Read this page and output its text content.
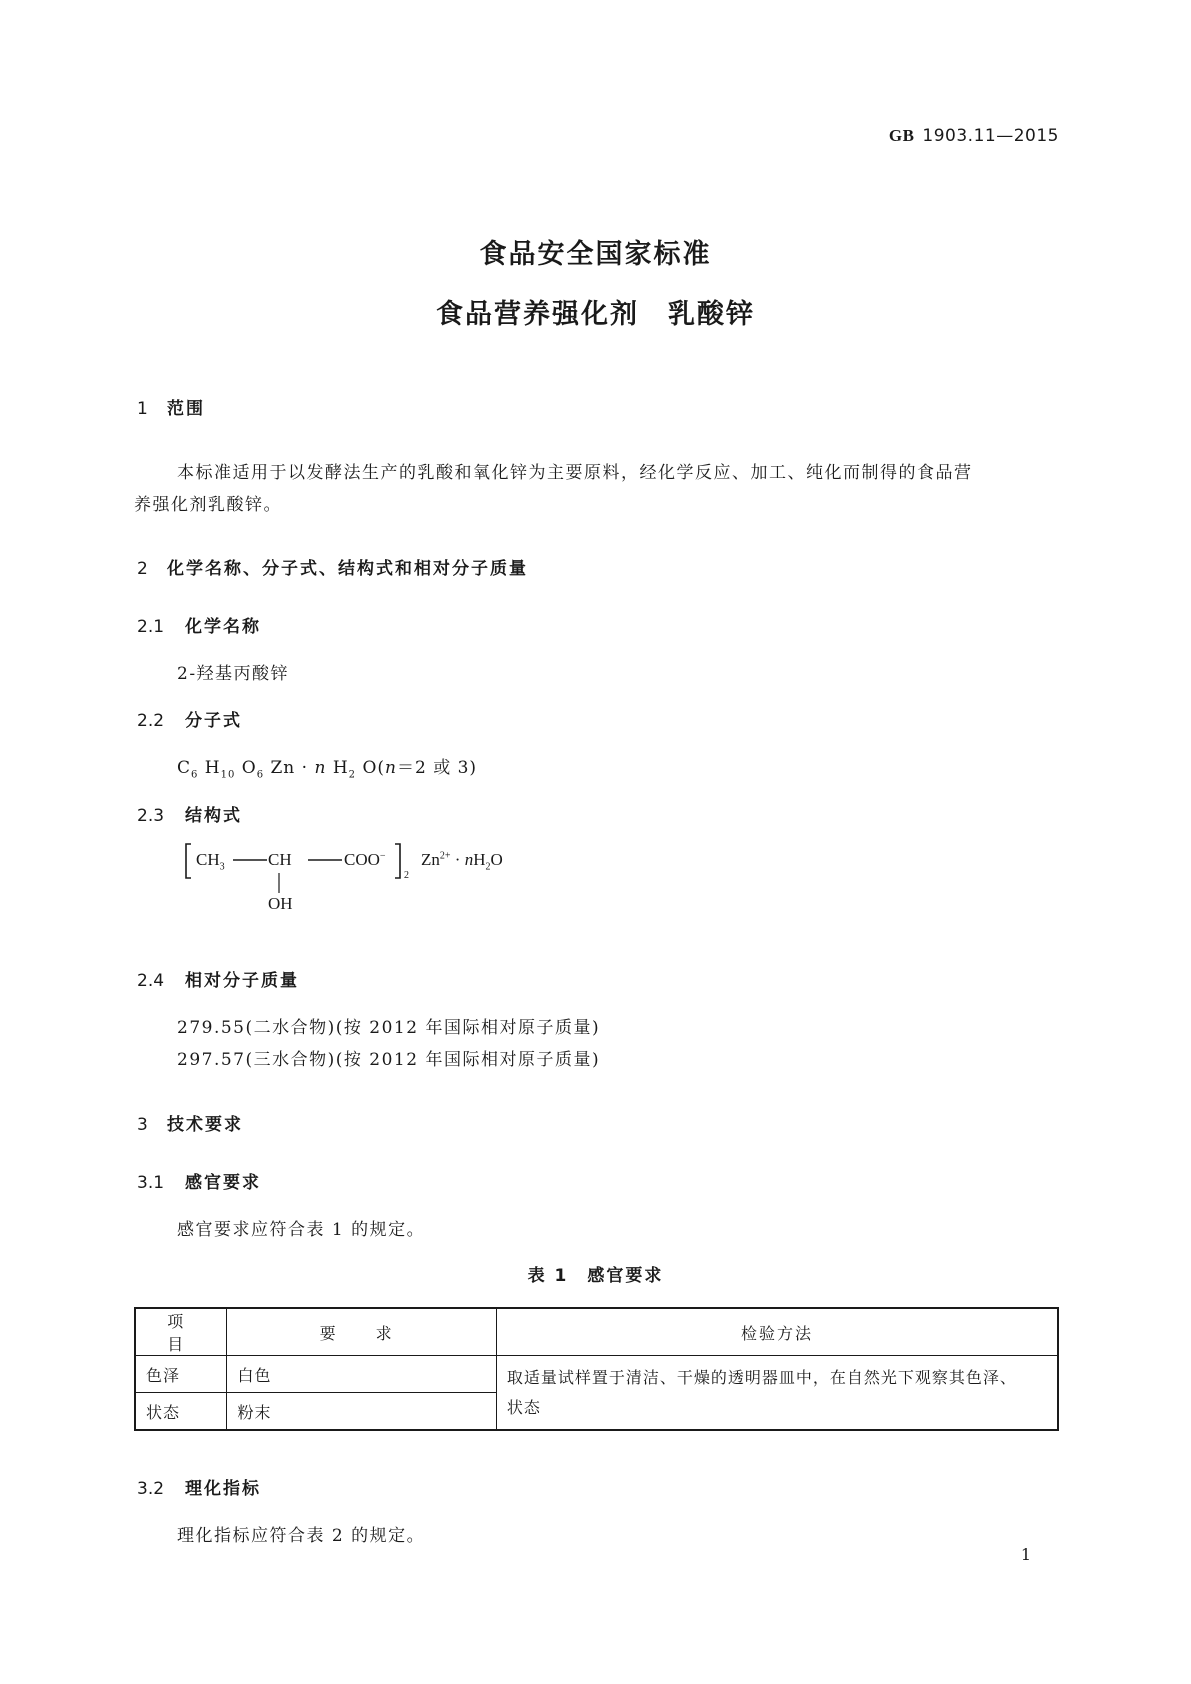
GB 1903.11—2015
食品安全国家标准
食品营养强化剂　乳酸锌
1 范围
本标准适用于以发酵法生产的乳酸和氧化锌为主要原料，经化学反应、加工、纯化而制得的食品营
养强化剂乳酸锌。
2 化学名称、分子式、结构式和相对分子质量
2.1 化学名称
2-羟基丙酸锌
2.2 分子式
$C_6$ $H_{10}$ $O_6$ Zn · n $H_2$ O(n＝2 或 3)
2.3 结构式
$CH_3$	CH	COO−
2
$Zn^{2+} \cdot nH_2O$
OH
2.4 相对分子质量
279.55(二水合物)(按 2012 年国际相对原子质量)
297.57(三水合物)(按 2012 年国际相对原子质量)
3 技术要求
3.1 感官要求
感官要求应符合表 1 的规定。
表 1　感官要求
项　目	要　求	检验方法
色泽	白色	取适量试样置于清洁、干燥的透明器皿中，在自然光下观察其色泽、
状态

状态	粉末	
3.2 理化指标
理化指标应符合表 2 的规定。
1
